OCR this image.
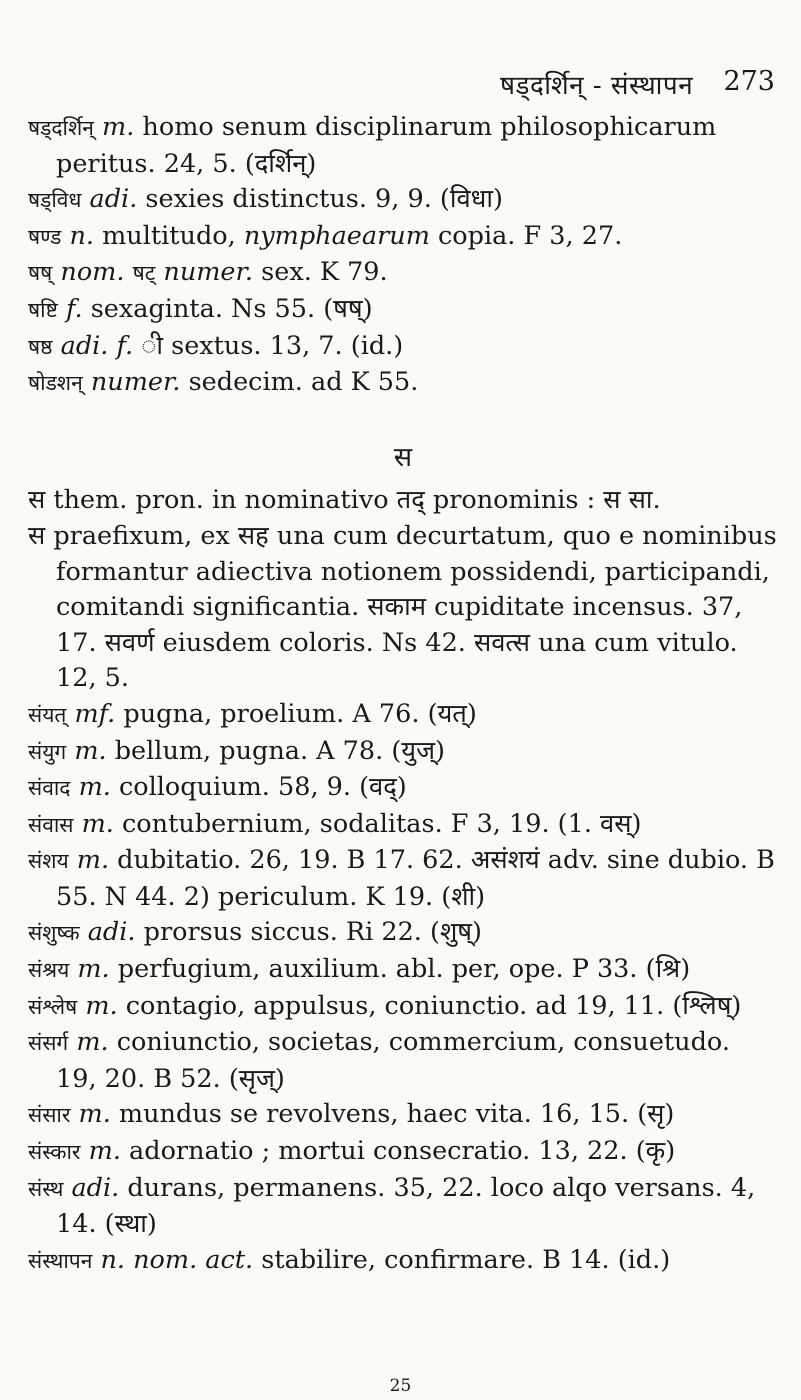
षड्दर्शिन् - संस्थापन 273

षड्दर्शिन् m. homo senum disciplinarum philosophicarum peritus. 24, 5. (दर्शिन्)

षड्विध adi. sexies distinctus. 9, 9. (विधा)

षण्ड n. multitudo, nymphaearum copia. F 3, 27.

षष् nom. षट् numer. sex. K 79.

षष्टि f. sexaginta. Ns 55. (षष्)

षष्ठ adi. f. ी sextus. 13, 7. (id.)

षोडशन् numer. sedecim. ad K 55.

स

स them. pron. in nominativo तद् pronominis : स सा.

स praefixum, ex सह una cum decurtatum, quo e nominibus formantur adiectiva notionem possidendi, participandi, comitandi significantia. सकाम cupiditate incensus. 37, 17. सवर्ण eiusdem coloris. Ns 42. सवत्स una cum vitulo. 12, 5.

संयत् mf. pugna, proelium. A 76. (यत्)

संयुग m. bellum, pugna. A 78. (युज्)

संवाद m. colloquium. 58, 9. (वद्)

संवास m. contubernium, sodalitas. F 3, 19. (1. वस्)

संशय m. dubitatio. 26, 19. B 17. 62. असंशयं adv. sine dubio. B 55. N 44. 2) periculum. K 19. (शी)

संशुष्क adi. prorsus siccus. Ri 22. (शुष्)

संश्रय m. perfugium, auxilium. abl. per, ope. P 33. (श्रि)

संश्लेष m. contagio, appulsus, coniunctio. ad 19, 11. (श्लिष्)

संसर्ग m. coniunctio, societas, commercium, consuetudo. 19, 20. B 52. (सृज्)

संसार m. mundus se revolvens, haec vita. 16, 15. (सृ)

संस्कार m. adornatio ; mortui consecratio. 13, 22. (कृ)

संस्थ adi. durans, permanens. 35, 22. loco alqo versans. 4, 14. (स्था)

संस्थापन n. nom. act. stabilire, confirmare. B 14. (id.)

25
